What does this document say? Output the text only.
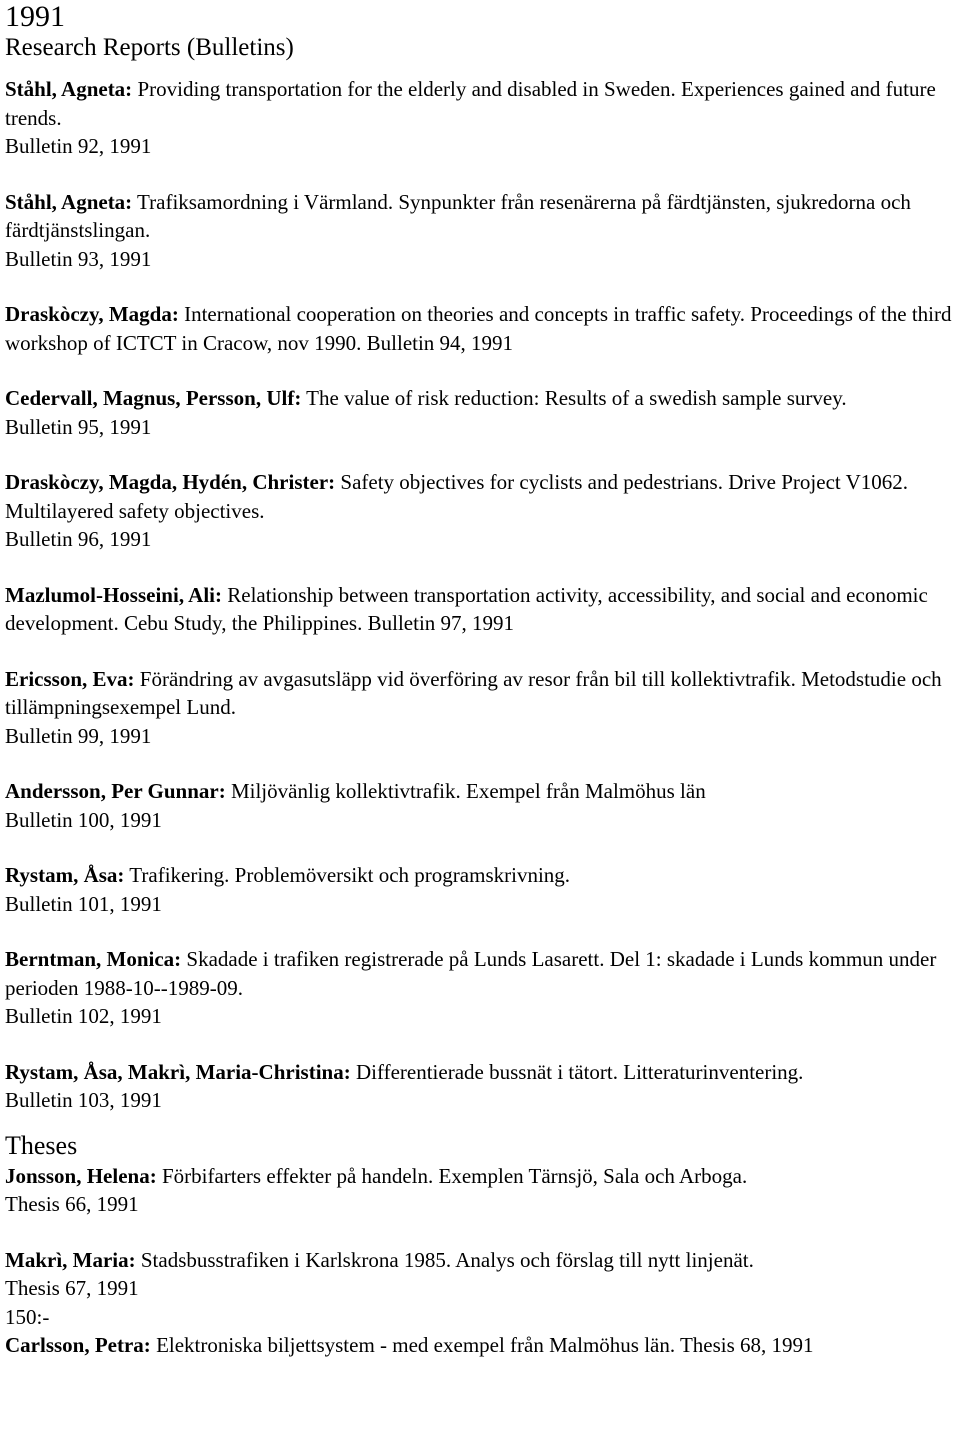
1991
Research Reports (Bulletins)
Ståhl, Agneta: Providing transportation for the elderly and disabled in Sweden. Experiences gained and future trends.
Bulletin 92, 1991
Ståhl, Agneta: Trafiksamordning i Värmland. Synpunkter från resenärerna på färdtjänsten, sjukredorna och färdtjänstslingan.
Bulletin 93, 1991
Draskòczy, Magda: International cooperation on theories and concepts in traffic safety. Proceedings of the third workshop of ICTCT in Cracow, nov 1990. Bulletin 94, 1991
Cedervall, Magnus, Persson, Ulf: The value of risk reduction: Results of a swedish sample survey.
Bulletin 95, 1991
Draskòczy, Magda, Hydén, Christer: Safety objectives for cyclists and pedestrians. Drive Project V1062. Multilayered safety objectives.
Bulletin 96, 1991
Mazlumol-Hosseini, Ali: Relationship between transportation activity, accessibility, and social and economic development. Cebu Study, the Philippines. Bulletin 97, 1991
Ericsson, Eva: Förändring av avgasutsläpp vid överföring av resor från bil till kollektivtrafik. Metodstudie och tillämpningsexempel Lund.
Bulletin 99, 1991
Andersson, Per Gunnar: Miljövänlig kollektivtrafik. Exempel från Malmöhus län
Bulletin 100, 1991
Rystam, Åsa: Trafikering. Problemöversikt och programskrivning.
Bulletin 101, 1991
Berntman, Monica: Skadade i trafiken registrerade på Lunds Lasarett. Del 1: skadade i Lunds kommun under perioden 1988-10--1989-09.
Bulletin 102, 1991
Rystam, Åsa, Makrì, Maria-Christina: Differentierade bussnät i tätort. Litteraturinventering.
Bulletin 103, 1991
Theses
Jonsson, Helena: Förbifarters effekter på handeln. Exemplen Tärnsjö, Sala och Arboga.
Thesis 66, 1991
Makrì, Maria: Stadsbusstrafiken i Karlskrona 1985. Analys och förslag till nytt linjenät.
Thesis 67, 1991
150:-
Carlsson, Petra: Elektroniska biljettsystem - med exempel från Malmöhus län. Thesis 68, 1991
